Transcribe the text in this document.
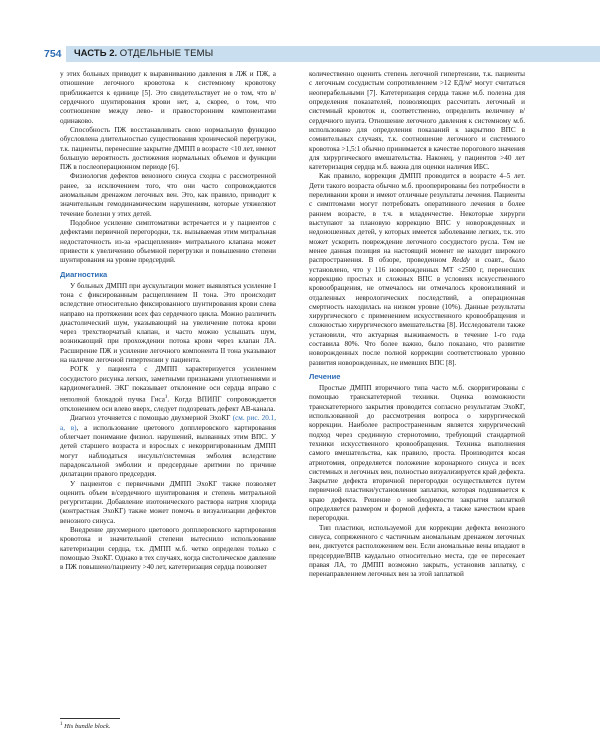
754	ЧАСТЬ 2. ОТДЕЛЬНЫЕ ТЕМЫ

у этих больных приводит к выравниванию давления в ЛЖ и ПЖ, а отношение легочного кровотока к системному кровотоку приближается к единице [5]. Это свидетельствует не о том, что в/сердечного шунтирования крови нет, а, скорее, о том, что соотношение между лево- и правосторонним компонентами одинаково.

Способность ПЖ восстанавливать свою нормальную функцию обусловлена длительностью существования хронической перегрузки, т.к. пациенты, перенесшие закрытие ДМПП в возрасте <10 лет, имеют большую вероятность достижения нормальных объемов и функции ПЖ в послеоперационном периоде [6].

Физиология дефектов венозного синуса сходна с рассмотренной ранее, за исключением того, что они часто сопровождаются аномальным дренажом легочных вен. Это, как правило, приводит к значительным гемодинамическим нарушениям, которые утяжеляют течение болезни у этих детей.

Подобное усиление симптоматики встречается и у пациентов с дефектами первичной перегородки, т.к. вызываемая этим митральная недостаточность из-за «расщепления» митрального клапана может привести к увеличению объемной перегрузки и повышению степени шунтирования на уровне предсердий.

Диагностика

У больных ДМПП при аускультации может выявляться усиление I тона с фиксированным расщеплением II тона. Это происходит вследствие относительно фиксированного шунтирования крови слева направо на протяжении всех фаз сердечного цикла. Можно различить диастолический шум, указывающий на увеличение потока крови через трехстворчатый клапан, и часто можно услышать шум, возникающий при прохождении потока крови через клапан ЛА. Расширение ПЖ и усиление легочного компонента II тона указывают на наличие легочной гипертензии у пациента.

РОГК у пациента с ДМПП характеризуется усилением сосудистого рисунка легких, заметными признаками уплотнениями и кардиомегалией. ЭКГ показывает отклонение оси сердца вправо с неполной блокадой пучка Гиса$^1$. Когда ВПИПГ сопровождается отклонением оси влево вверх, следует подозревать дефект АВ-канала.

Диагноз уточняется с помощью двухмерной ЭхоКГ (см. рис. 20.1, а, в), а использование цветового допплеровского картирования облегчает понимание физиол. нарушений, вызванных этим ВПС. У детей старшего возраста и взрослых с некорригированным ДМПП могут наблюдаться инсульт/системная эмболия вследствие парадоксальной эмболии и предсердные аритмии по причине дилатации правого предсердия.

У пациентов с первичными ДМПП ЭхоКГ также позволяет оценить объем в/сердечного шунтирования и степень митральной регургитации. Добавление изотонического раствора натрия хлорида (контрастная ЭхоКГ) также может помочь в визуализации дефектов венозного синуса.

Внедрение двухмерного цветового допплеровского картирования кровотока и значительной степени вытеснило использование катетеризации сердца, т.к. ДМПП м.б. четко определен только с помощью ЭхоКГ. Однако в тех случаях, когда систолическое давление в ПЖ повышено/пациенту >40 лет, катетеризация сердца позволяет

$^1$ His bundle block.

количественно оценить степень легочной гипертензии, т.к. пациенты с легочным сосудистым сопротивлением >12 ЕД/м² могут считаться неоперабельными [7]. Катетеризация сердца также м.б. полезна для определения показателей, позволяющих рассчитать легочный и системный кровоток и, соответственно, определить величину в/сердечного шунта. Отношение легочного давления к системному м.б. использовано для определения показаний к закрытию ВПС в сомнительных случаях, т.к. соотношение легочного и системного кровотока >1,5:1 обычно принимается в качестве порогового значения для хирургического вмешательства. Наконец, у пациентов >40 лет катетеризация сердца м.б. важна для оценки наличия ИБС.

Как правило, коррекция ДМПП проводится в возрасте 4–5 лет. Дети такого возраста обычно м.б. прооперированы без потребности в переливании крови и имеют отличные результаты лечения. Пациенты с симптомами могут потребовать оперативного лечения в более раннем возрасте, в т.ч. в младенчестве. Некоторые хирурги выступают за плановую коррекцию ВПС у новорожденных и недоношенных детей, у которых имеется заболевание легких, т.к. это может ускорить повреждение легочного сосудистого русла. Тем не менее данная позиция на настоящий момент не находит широкого распространения. В обзоре, проведенном Reddy и соавт., было установлено, что у 116 новорожденных МТ <2500 г, перенесших коррекцию простых и сложных ВПС в условиях искусственного кровообращения, не отмечалось ни отмечалось кровоизлияний и отдаленных неврологических последствий, а операционная смертность находилась на низком уровне (10%). Данные результаты хирургического с применением искусственного кровообращения и сложностью хирургического вмешательства [8]. Исследователи также установили, что актуарная выживаемость в течение 1-го года составила 80%. Что более важно, было показано, что развитие новорожденных после полной коррекции соответствовало уровню развития новорожденных, не имевших ВПС [8].

Лечение

Простые ДМПП вторичного типа часто м.б. скорригированы с помощью транскатетерной техники. Оценка возможности транскатетерного закрытия проводится согласно результатам ЭхоКГ, использованной до рассмотрения вопроса о хирургической коррекции. Наиболее распространенным является хирургический подход через срединную стернотомию, требующий стандартной техники искусственного кровообращения. Техника выполнения самого вмешательства, как правило, проста. Производится косая атриотомия, определяется положение коронарного синуса и всех системных и легочных вен, полностью визуализируется край дефекта. Закрытие дефекта вторичной перегородки осуществляется путем первичной пластики/установления заплатки, которая подшивается к краю дефекта. Решение о необходимости закрытия заплаткой определяется размером и формой дефекта, а также качеством краев перегородки.

Тип пластики, используемой для коррекции дефекта венозного синуса, сопряженного с частичным аномальным дренажом легочных вен, диктуется расположением вен. Если аномальные вены впадают в предсердие/ВПВ каудально относительно места, где ее пересекает правая ЛА, то ДМПП возможно закрыть, установив заплатку, с перенаправлением легочных вен за этой заплаткой
